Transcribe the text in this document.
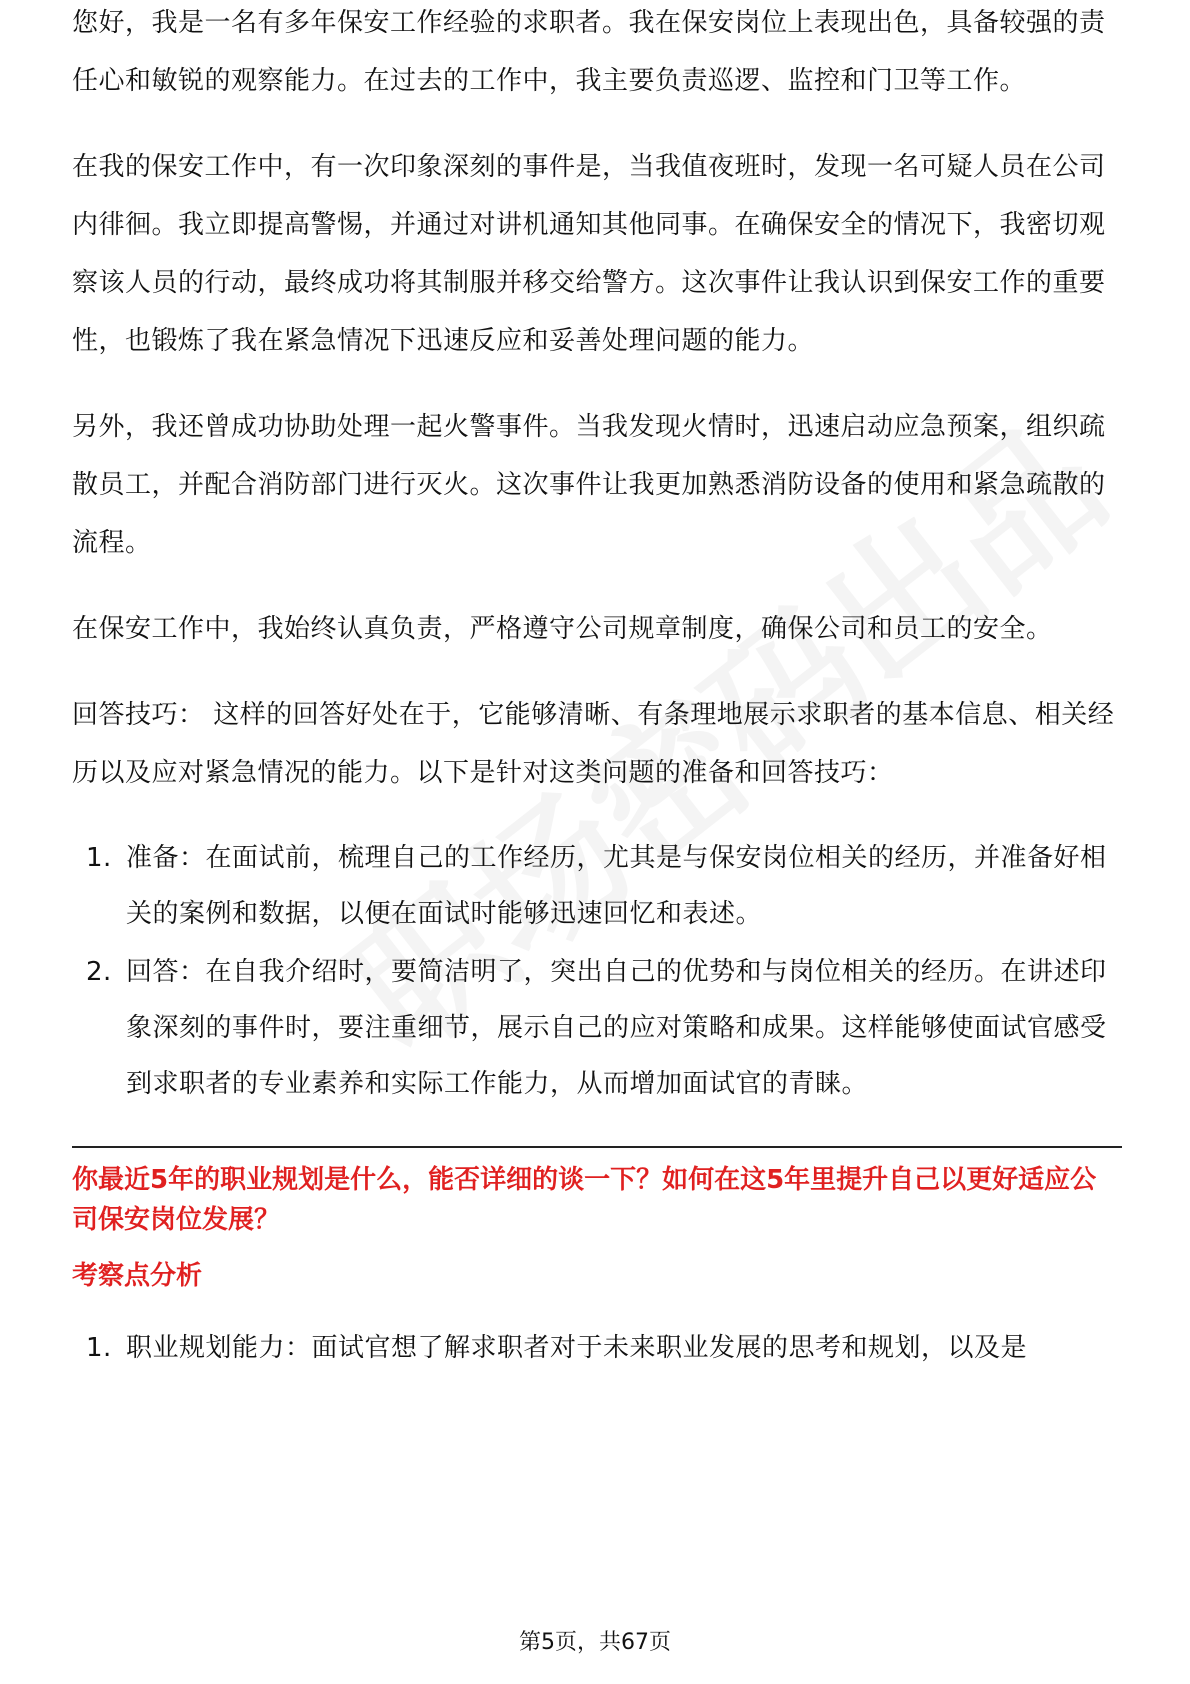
您好，我是一名有多年保安工作经验的求职者。我在保安岗位上表现出色，具备较强的责任心和敏锐的观察能力。在过去的工作中，我主要负责巡逻、监控和门卫等工作。

在我的保安工作中，有一次印象深刻的事件是，当我值夜班时，发现一名可疑人员在公司内徘徊。我立即提高警惕，并通过对讲机通知其他同事。在确保安全的情况下，我密切观察该人员的行动，最终成功将其制服并移交给警方。这次事件让我认识到保安工作的重要性，也锻炼了我在紧急情况下迅速反应和妥善处理问题的能力。

另外，我还曾成功协助处理一起火警事件。当我发现火情时，迅速启动应急预案，组织疏散员工，并配合消防部门进行灭火。这次事件让我更加熟悉消防设备的使用和紧急疏散的流程。

在保安工作中，我始终认真负责，严格遵守公司规章制度，确保公司和员工的安全。

回答技巧： 这样的回答好处在于，它能够清晰、有条理地展示求职者的基本信息、相关经历以及应对紧急情况的能力。以下是针对这类问题的准备和回答技巧：

1. 准备：在面试前，梳理自己的工作经历，尤其是与保安岗位相关的经历，并准备好相关的案例和数据，以便在面试时能够迅速回忆和表述。
2. 回答：在自我介绍时，要简洁明了，突出自己的优势和与岗位相关的经历。在讲述印象深刻的事件时，要注重细节，展示自己的应对策略和成果。这样能够使面试官感受到求职者的专业素养和实际工作能力，从而增加面试官的青睐。
你最近5年的职业规划是什么，能否详细的谈一下？如何在这5年里提升自己以更好适应公司保安岗位发展？
考察点分析
1. 职业规划能力：面试官想了解求职者对于未来职业发展的思考和规划，以及是
第5页，共67页
